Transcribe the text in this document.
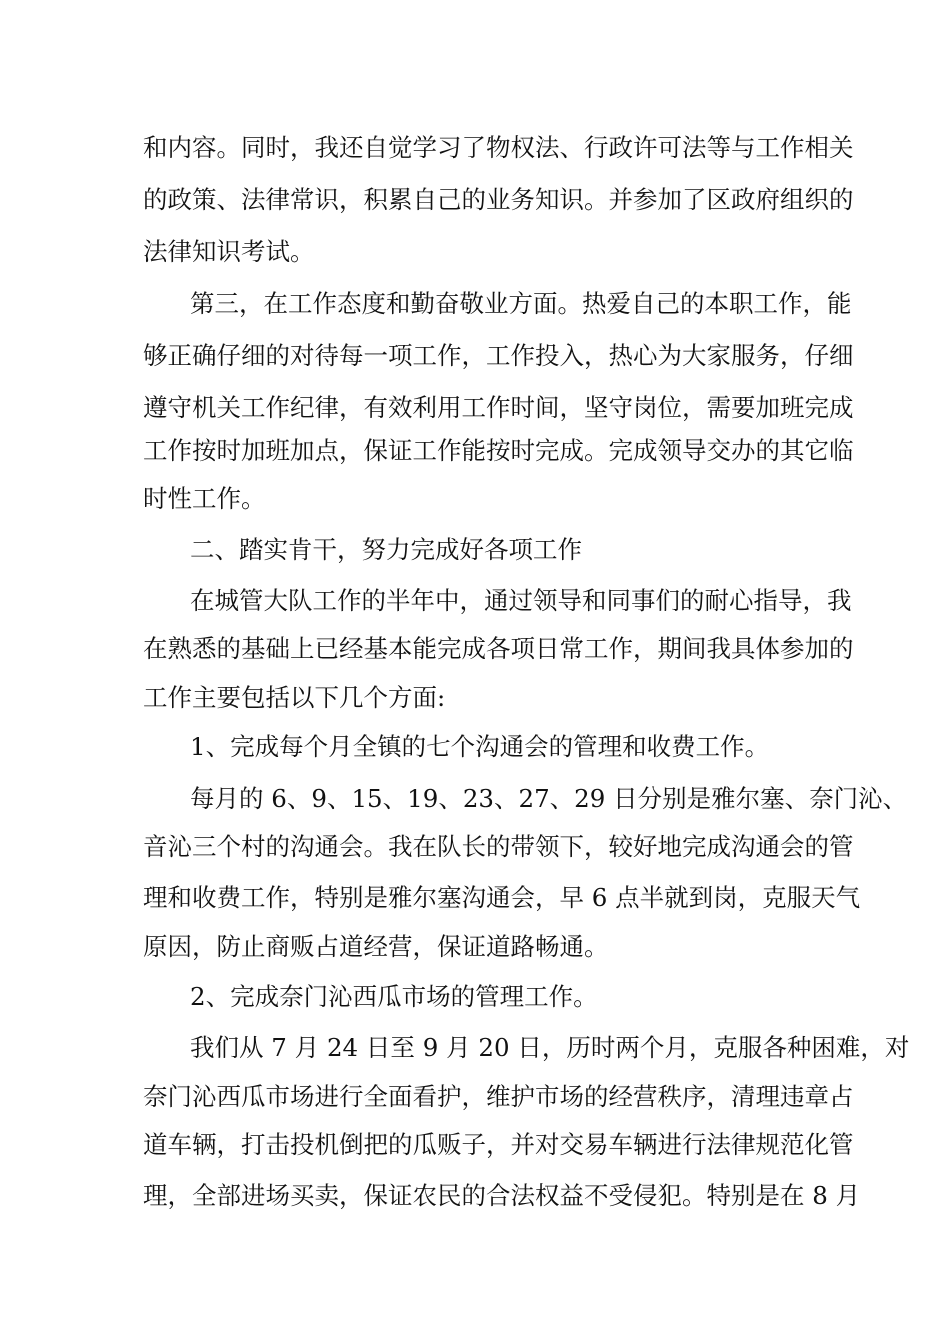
和内容。同时，我还自觉学习了物权法、行政许可法等与工作相关

的政策、法律常识，积累自己的业务知识。并参加了区政府组织的

法律知识考试。

第三，在工作态度和勤奋敬业方面。热爱自己的本职工作，能

够正确仔细的对待每一项工作，工作投入，热心为大家服务，仔细

遵守机关工作纪律，有效利用工作时间，坚守岗位，需要加班完成

工作按时加班加点，保证工作能按时完成。完成领导交办的其它临

时性工作。

二、踏实肯干，努力完成好各项工作

在城管大队工作的半年中，通过领导和同事们的耐心指导，我

在熟悉的基础上已经基本能完成各项日常工作，期间我具体参加的

工作主要包括以下几个方面:

1、完成每个月全镇的七个沟通会的管理和收费工作。

每月的 6、9、15、19、23、27、29 日分别是雅尔塞、奈门沁、

音沁三个村的沟通会。我在队长的带领下，较好地完成沟通会的管

理和收费工作，特别是雅尔塞沟通会，早 6 点半就到岗，克服天气

原因，防止商贩占道经营，保证道路畅通。

2、完成奈门沁西瓜市场的管理工作。

我们从 7 月 24 日至 9 月 20 日，历时两个月，克服各种困难，对

奈门沁西瓜市场进行全面看护，维护市场的经营秩序，清理违章占

道车辆，打击投机倒把的瓜贩子，并对交易车辆进行法律规范化管

理，全部进场买卖，保证农民的合法权益不受侵犯。特别是在 8 月
